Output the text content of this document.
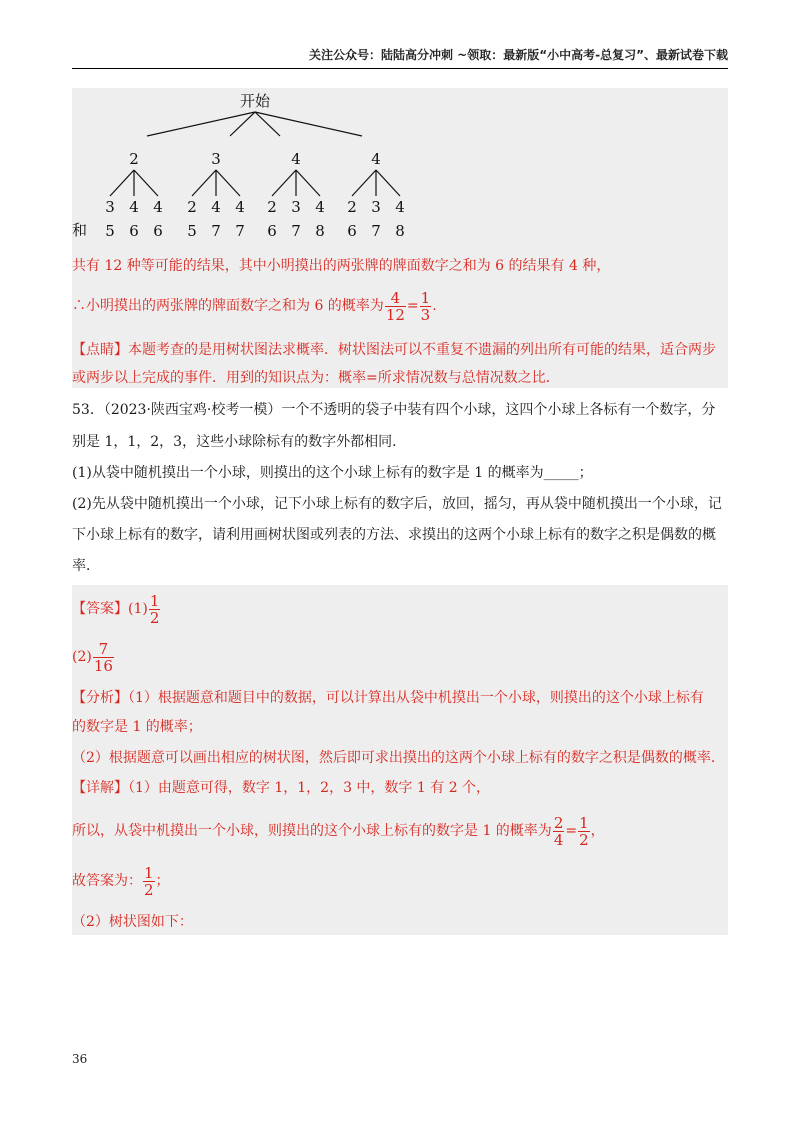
关注公众号：陆陆高分冲刺 ~领取：最新版“小中高考-总复习”、最新试卷下载
开始
2	3	4	4
3 4 4 2 4 4 2 3 4 2 3 4
和 5 6 6 5 7 7 6 7 8 6 7 8
共有 12 种等可能的结果，其中小明摸出的两张牌的牌面数字之和为 6 的结果有 4 种，
∴小明摸出的两张牌的牌面数字之和为 6 的概率为 $\frac{4}{12} = \frac{1}{3}$ .
【点睛】本题考查的是用树状图法求概率．树状图法可以不重复不遗漏的列出所有可能的结果，适合两步
或两步以上完成的事件．用到的知识点为：概率=所求情况数与总情况数之比．
53．（2023·陕西宝鸡·校考一模）一个不透明的袋子中装有四个小球，这四个小球上各标有一个数字，分
别是 1，1，2，3，这些小球除标有的数字外都相同．
(1)从袋中随机摸出一个小球，则摸出的这个小球上标有的数字是 1 的概率为_____；
(2)先从袋中随机摸出一个小球，记下小球上标有的数字后，放回，摇匀，再从袋中随机摸出一个小球，记
下小球上标有的数字，请利用画树状图或列表的方法、求摸出的这两个小球上标有的数字之积是偶数的概
率．
【答案】$(1) \frac{1}{2}$
$(2) \frac{7}{16}$
【分析】（1）根据题意和题目中的数据，可以计算出从袋中机摸出一个小球，则摸出的这个小球上标有
的数字是 1 的概率；
（2）根据题意可以画出相应的树状图，然后即可求出摸出的这两个小球上标有的数字之积是偶数的概率．
【详解】（1）由题意可得，数字 1，1，2，3 中，数字 1 有 2 个，
所以，从袋中机摸出一个小球，则摸出的这个小球上标有的数字是 1 的概率为 $\frac{2}{4} = \frac{1}{2}$ ，
故答案为： $\frac{1}{2}$ ；
（2）树状图如下：
36
